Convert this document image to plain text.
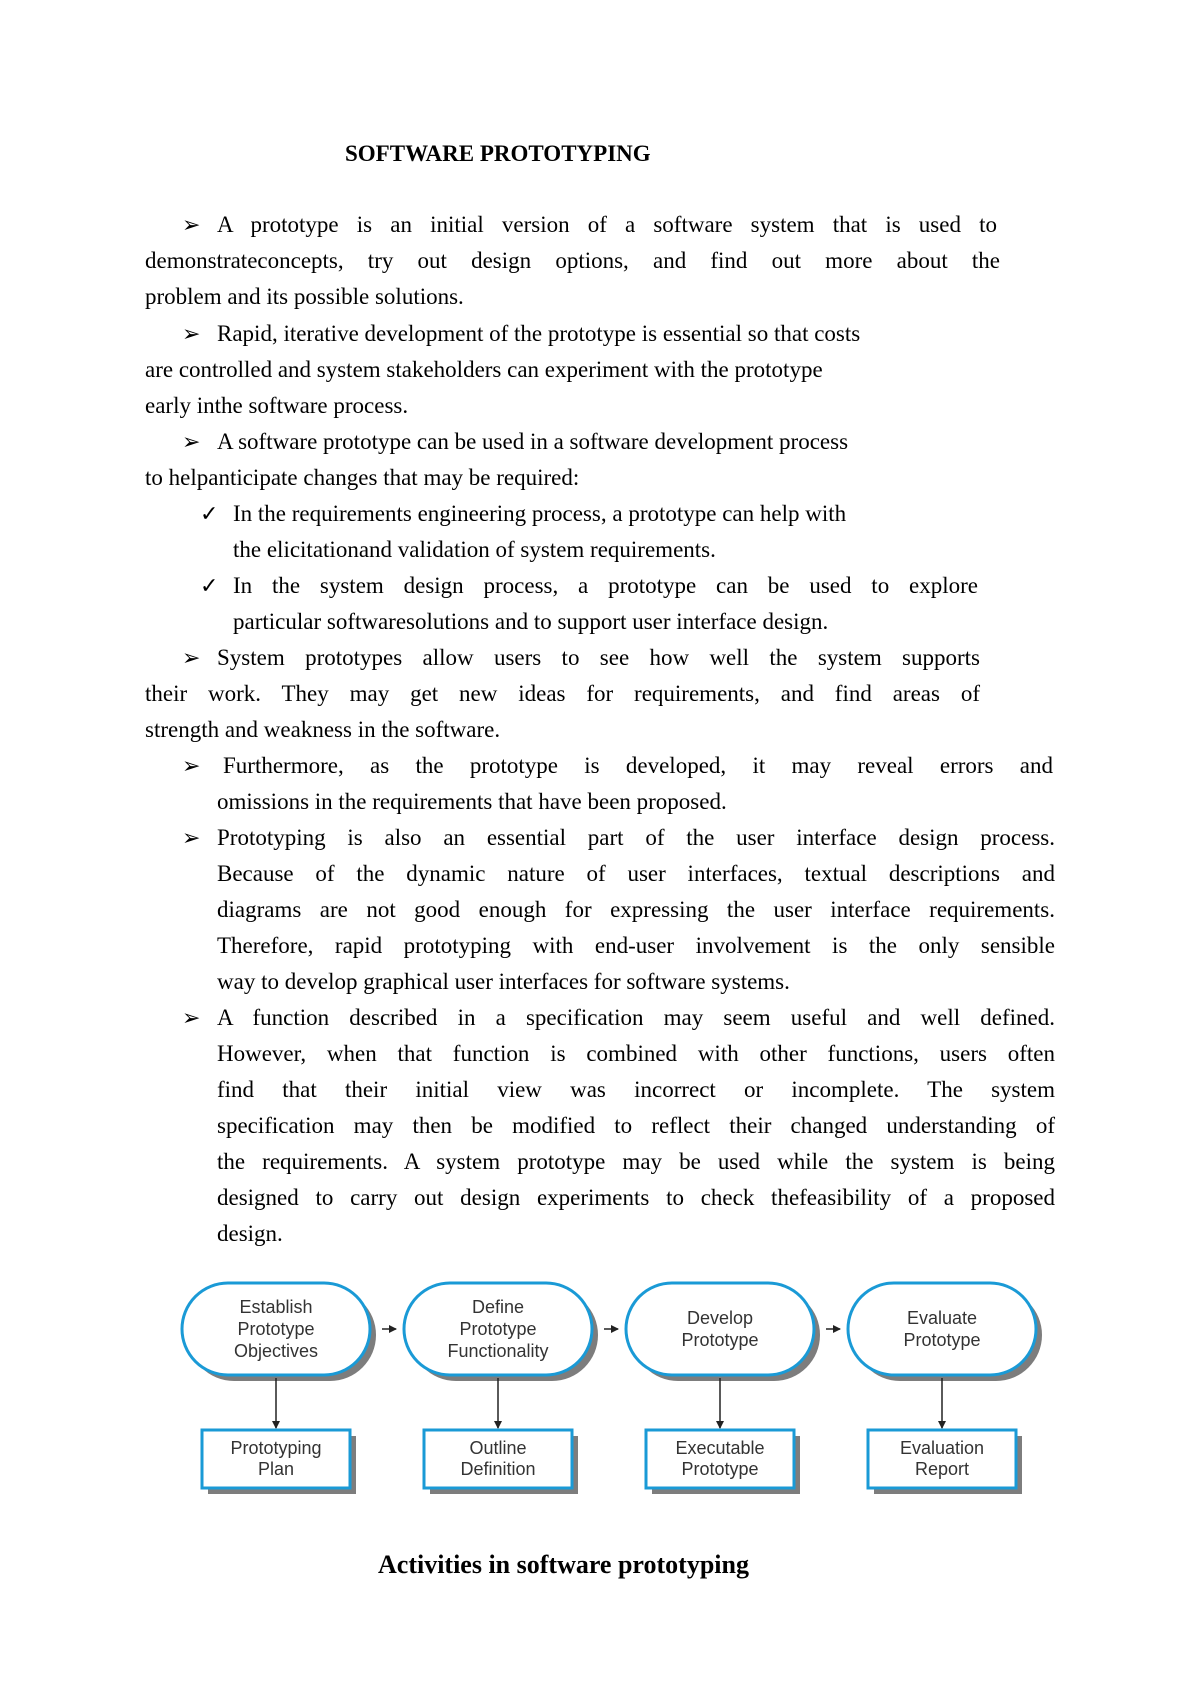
SOFTWARE PROTOTYPING
➢ A prototype is an initial version of a software system that is used to
demonstrateconcepts, try out design options, and find out more about the
problem and its possible solutions.
➢ Rapid, iterative development of the prototype is essential so that costs
are controlled and system stakeholders can experiment with the prototype
early inthe software process.
➢ A software prototype can be used in a software development process
to helpanticipate changes that may be required:
✓ In the requirements engineering process, a prototype can help with
the elicitationand validation of system requirements.
✓ In the system design process, a prototype can be used to explore
particular softwaresolutions and to support user interface design.
➢ System prototypes allow users to see how well the system supports
their work. They may get new ideas for requirements, and find areas of
strength and weakness in the software.
➢ Furthermore, as the prototype is developed, it may reveal errors and
omissions in the requirements that have been proposed.
➢ Prototyping is also an essential part of the user interface design process.
Because of the dynamic nature of user interfaces, textual descriptions and
diagrams are not good enough for expressing the user interface requirements.
Therefore, rapid prototyping with end-user involvement is the only sensible
way to develop graphical user interfaces for software systems.
➢ A function described in a specification may seem useful and well defined.
However, when that function is combined with other functions, users often
find that their initial view was incorrect or incomplete. The system
specification may then be modified to reflect their changed understanding of
the requirements. A system prototype may be used while the system is being
designed to carry out design experiments to check thefeasibility of a proposed
design.
Establish
Prototype
Objectives
Define
Prototype
Functionality
Develop
Prototype
Evaluate
Prototype
Prototyping
Plan
Outline
Definition
Executable
Prototype
Evaluation
Report
Activities in software prototyping
